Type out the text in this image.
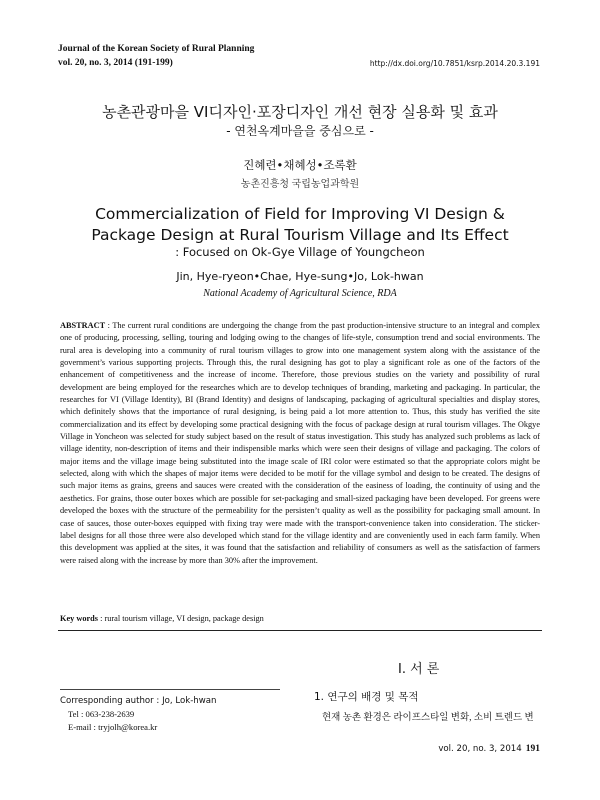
Journal of the Korean Society of Rural Planning
vol. 20, no. 3, 2014 (191-199)	http://dx.doi.org/10.7851/ksrp.2014.20.3.191
농촌관광마을 VI디자인·포장디자인 개선 현장 실용화 및 효과
- 연천옥계마을을 중심으로 -
진혜련•채혜성•조록환
농촌진흥청 국립농업과학원
Commercialization of Field for Improving VI Design &
Package Design at Rural Tourism Village and Its Effect
: Focused on Ok-Gye Village of Youngcheon
Jin, Hye-ryeon•Chae, Hye-sung•Jo, Lok-hwan
National Academy of Agricultural Science, RDA
ABSTRACT : The current rural conditions are undergoing the change from the past production-intensive structure to an integral and complex one of producing, processing, selling, touring and lodging owing to the changes of life-style, consumption trend and social environments. The rural area is developing into a community of rural tourism villages to grow into one management system along with the assistance of the government’s various supporting projects. Through this, the rural designing has got to play a significant role as one of the factors of the enhancement of competitiveness and the increase of income. Therefore, those previous studies on the variety and possibility of rural development are being employed for the researches which are to develop techniques of branding, marketing and packaging. In particular, the researches for VI (Village Identity), BI (Brand Identity) and designs of landscaping, packaging of agricultural specialties and display stores, which definitely shows that the importance of rural designing, is being paid a lot more attention to. Thus, this study has verified the site commercialization and its effect by developing some practical designing with the focus of package design at rural tourism villages. The Okgye Village in Yoncheon was selected for study subject based on the result of status investigation. This study has analyzed such problems as lack of village identity, non-description of items and their indispensible marks which were seen their designs of village and packaging. The colors of major items and the village image being substituted into the image scale of IRI color were estimated so that the appropriate colors might be selected, along with which the shapes of major items were decided to be motif for the village symbol and design to be created. The designs of such major items as grains, greens and sauces were created with the consideration of the easiness of loading, the continuity of using and the aesthetics. For grains, those outer boxes which are possible for set-packaging and small-sized packaging have been developed. For greens were developed the boxes with the structure of the permeability for the persisten’t quality as well as the possibility for packaging small amount. In case of sauces, those outer-boxes equipped with fixing tray were made with the transport-convenience taken into consideration. The sticker-label designs for all those three were also developed which stand for the village identity and are conveniently used in each farm family. When this development was applied at the sites, it was found that the satisfaction and reliability of consumers as well as the satisfaction of farmers were raised along with the increase by more than 30% after the improvement.
Key words : rural tourism village, VI design, package design
I. 서 론
1. 연구의 배경 및 목적
현재 농촌 환경은 라이프스타일 변화, 소비 트렌드 변
Corresponding author : Jo, Lok-hwan
Tel : 063-238-2639
E-mail : tryjolh@korea.kr
vol. 20, no. 3, 2014 191
